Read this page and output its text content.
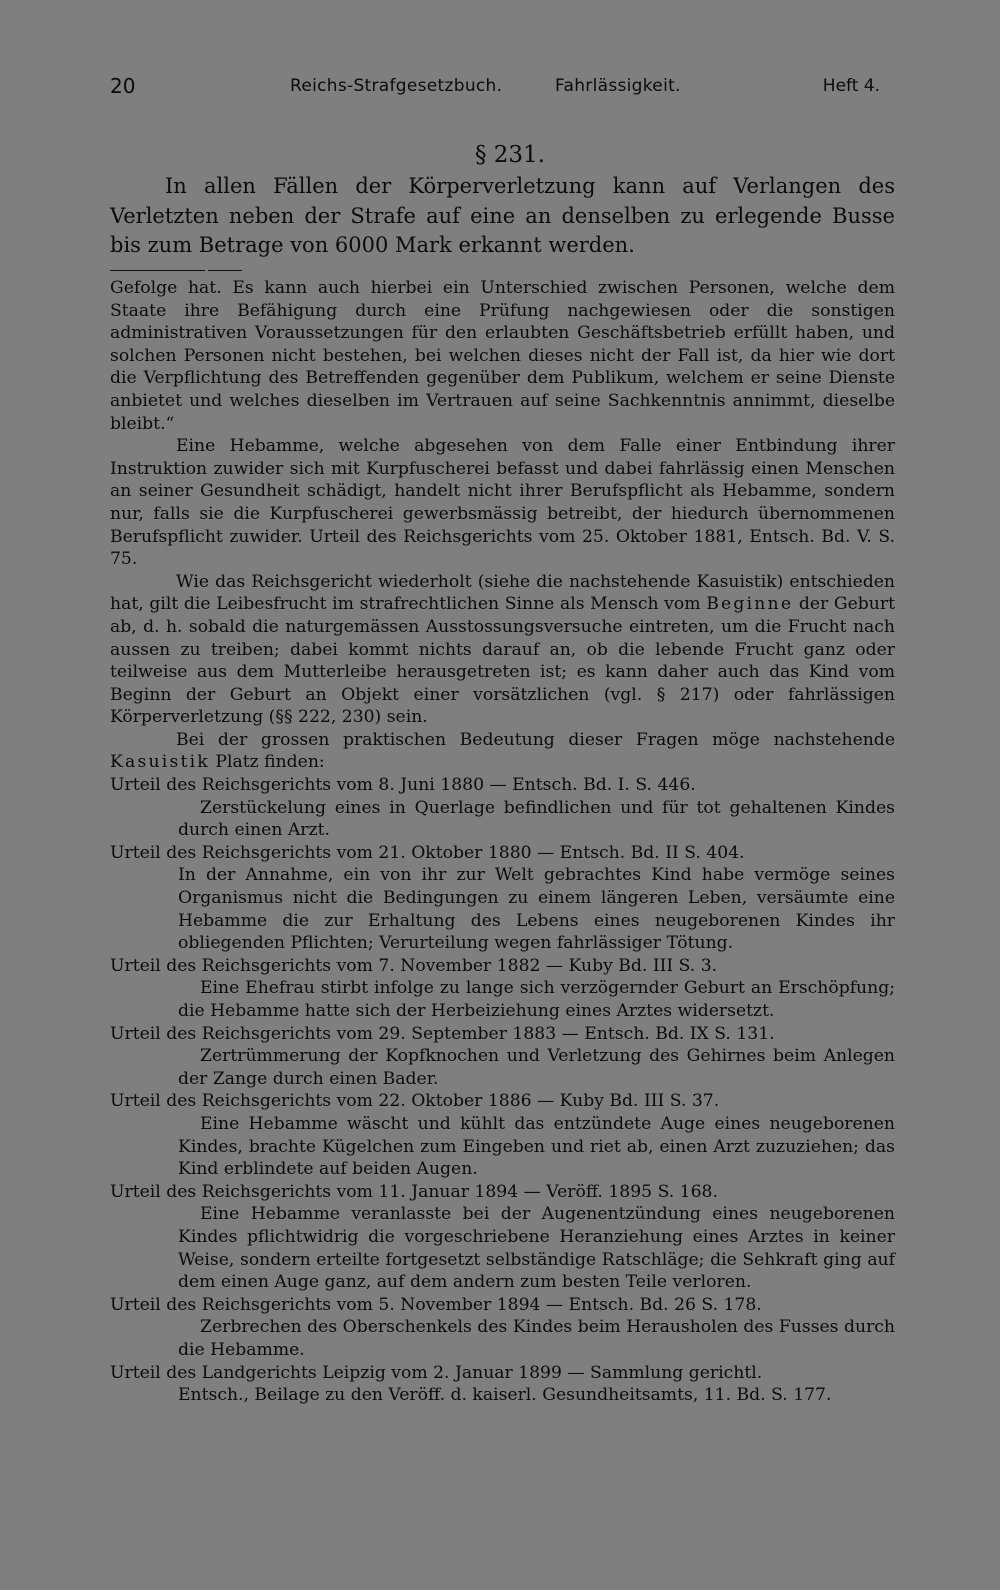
20	Reichs-Strafgesetzbuch.	Fahrlässigkeit.	Heft 4.
§ 231.

In allen Fällen der Körperverletzung kann auf Verlangen des Verletzten neben der Strafe auf eine an denselben zu erlegende Busse bis zum Betrage von 6000 Mark erkannt werden.

Gefolge hat. Es kann auch hierbei ein Unterschied zwischen Personen, welche dem Staate ihre Befähigung durch eine Prüfung nachgewiesen oder die sonstigen administrativen Voraussetzungen für den erlaubten Geschäftsbetrieb erfüllt haben, und solchen Personen nicht bestehen, bei welchen dieses nicht der Fall ist, da hier wie dort die Verpflichtung des Betreffenden gegenüber dem Publikum, welchem er seine Dienste anbietet und welches dieselben im Vertrauen auf seine Sachkenntnis annimmt, dieselbe bleibt.“

Eine Hebamme, welche abgesehen von dem Falle einer Entbindung ihrer Instruktion zuwider sich mit Kurpfuscherei befasst und dabei fahrlässig einen Menschen an seiner Gesundheit schädigt, handelt nicht ihrer Berufspflicht als Hebamme, sondern nur, falls sie die Kurpfuscherei gewerbsmässig betreibt, der hiedurch übernommenen Berufspflicht zuwider. Urteil des Reichsgerichts vom 25. Oktober 1881, Entsch. Bd. V. S. 75.

Wie das Reichsgericht wiederholt (siehe die nachstehende Kasuistik) entschieden hat, gilt die Leibesfrucht im strafrechtlichen Sinne als Mensch vom Beginne der Geburt ab, d. h. sobald die naturgemässen Ausstossungsversuche eintreten, um die Frucht nach aussen zu treiben; dabei kommt nichts darauf an, ob die lebende Frucht ganz oder teilweise aus dem Mutterleibe herausgetreten ist; es kann daher auch das Kind vom Beginn der Geburt an Objekt einer vorsätzlichen (vgl. § 217) oder fahrlässigen Körperverletzung (§§ 222, 230) sein.

Bei der grossen praktischen Bedeutung dieser Fragen möge nachstehende Kasuistik Platz finden:

Urteil des Reichsgerichts vom 8. Juni 1880 — Entsch. Bd. I. S. 446.

Zerstückelung eines in Querlage befindlichen und für tot gehaltenen Kindes durch einen Arzt.

Urteil des Reichsgerichts vom 21. Oktober 1880 — Entsch. Bd. II S. 404.

In der Annahme, ein von ihr zur Welt gebrachtes Kind habe vermöge seines Organismus nicht die Bedingungen zu einem längeren Leben, versäumte eine Hebamme die zur Erhaltung des Lebens eines neugeborenen Kindes ihr obliegenden Pflichten; Verurteilung wegen fahrlässiger Tötung.

Urteil des Reichsgerichts vom 7. November 1882 — Kuby Bd. III S. 3.

Eine Ehefrau stirbt infolge zu lange sich verzögernder Geburt an Erschöpfung; die Hebamme hatte sich der Herbeiziehung eines Arztes widersetzt.

Urteil des Reichsgerichts vom 29. September 1883 — Entsch. Bd. IX S. 131.

Zertrümmerung der Kopfknochen und Verletzung des Gehirnes beim Anlegen der Zange durch einen Bader.

Urteil des Reichsgerichts vom 22. Oktober 1886 — Kuby Bd. III S. 37.

Eine Hebamme wäscht und kühlt das entzündete Auge eines neugeborenen Kindes, brachte Kügelchen zum Eingeben und riet ab, einen Arzt zuzuziehen; das Kind erblindete auf beiden Augen.

Urteil des Reichsgerichts vom 11. Januar 1894 — Veröff. 1895 S. 168.

Eine Hebamme veranlasste bei der Augenentzündung eines neugeborenen Kindes pflichtwidrig die vorgeschriebene Heranziehung eines Arztes in keiner Weise, sondern erteilte fortgesetzt selbständige Ratschläge; die Sehkraft ging auf dem einen Auge ganz, auf dem andern zum besten Teile verloren.

Urteil des Reichsgerichts vom 5. November 1894 — Entsch. Bd. 26 S. 178.

Zerbrechen des Oberschenkels des Kindes beim Herausholen des Fusses durch die Hebamme.

Urteil des Landgerichts Leipzig vom 2. Januar 1899 — Sammlung gerichtl.
Entsch., Beilage zu den Veröff. d. kaiserl. Gesundheitsamts, 11. Bd. S. 177.
